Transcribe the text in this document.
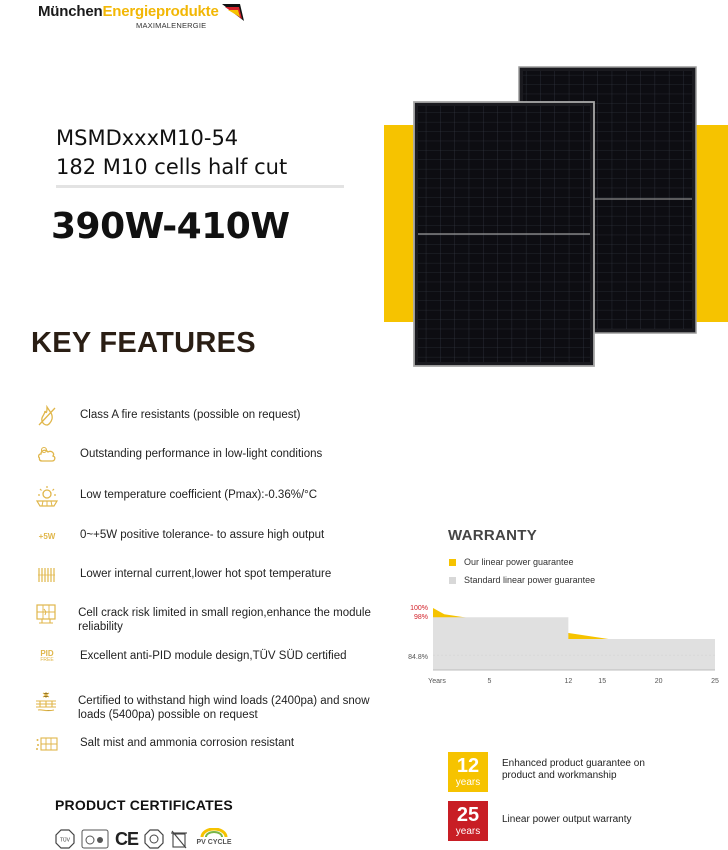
MünchenEnergieprodukte
MAXIMALENERGIE
MSMDxxxM10-54
182 M10 cells half cut
390W-410W
KEY FEATURES
Class A fire resistants (possible on request)
Outstanding performance in low-light conditions
Low temperature coefficient (Pmax):-0.36%/°C
+5W 0~+5W positive tolerance- to assure high output
Lower internal current,lower hot spot temperature
Cell crack risk limited in small region,enhance the module reliability
PID
FREE Excellent anti-PID module design,TÜV SÜD certified
Certified to withstand high wind loads (2400pa) and snow loads (5400pa) possible on request
Salt mist and ammonia corrosion resistant
WARRANTY
Our linear power guarantee
Standard linear power guarantee
Years	5	12	15	20	25
100%
98%
84.8%
12
years
Enhanced product guarantee on product and workmanship
25
years
Linear power output warranty
PRODUCT CERTIFICATES
TÜV	CE	PV CYCLE
